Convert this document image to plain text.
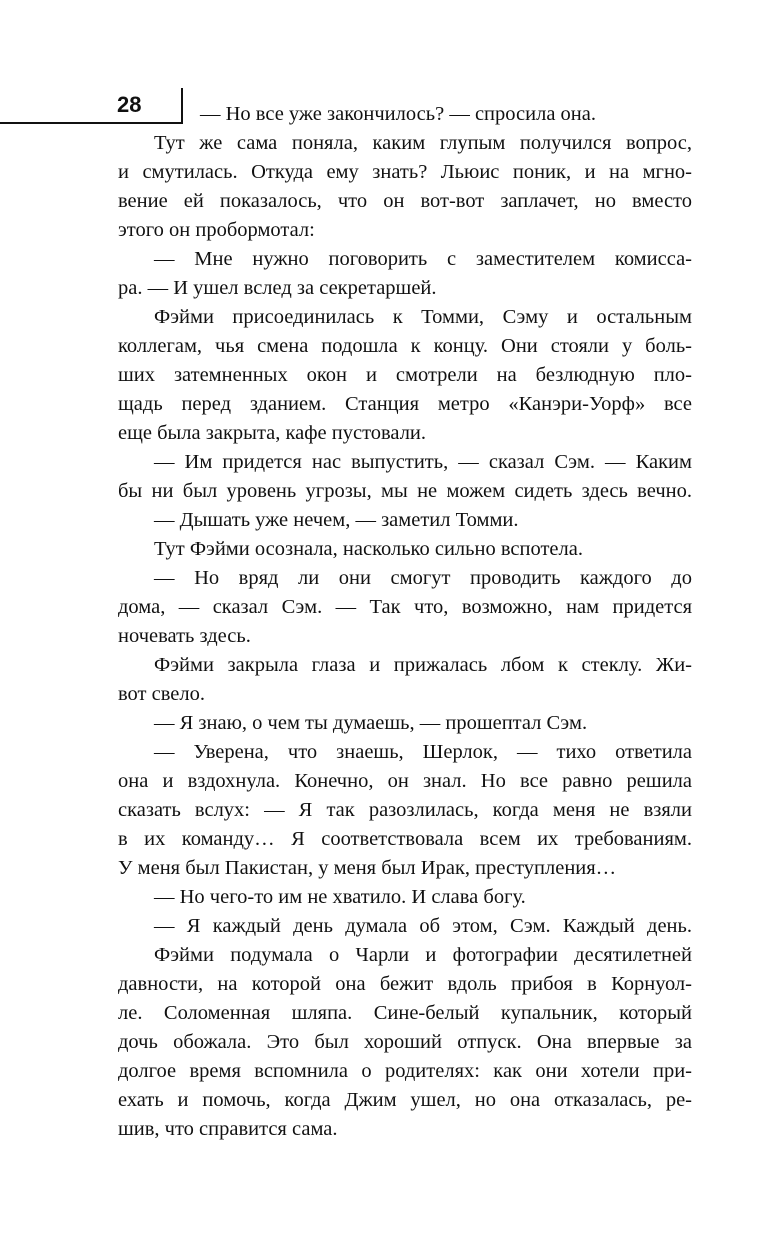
28	— Но все уже закончилось? — спросила она.
Тут же сама поняла, каким глупым получился вопрос,
и смутилась. Откуда ему знать? Льюис поник, и на мгно-
вение ей показалось, что он вот-вот заплачет, но вместо
этого он пробормотал:
— Мне нужно поговорить с заместителем комисса-
ра. — И ушел вслед за секретаршей.
Фэйми присоединилась к Томми, Сэму и остальным
коллегам, чья смена подошла к концу. Они стояли у боль-
ших затемненных окон и смотрели на безлюдную пло-
щадь перед зданием. Станция метро «Канэри-Уорф» все
еще была закрыта, кафе пустовали.
— Им придется нас выпустить, — сказал Сэм. — Каким
бы ни был уровень угрозы, мы не можем сидеть здесь вечно.
— Дышать уже нечем, — заметил Томми.
Тут Фэйми осознала, насколько сильно вспотела.
— Но вряд ли они смогут проводить каждого до
дома, — сказал Сэм. — Так что, возможно, нам придется
ночевать здесь.
Фэйми закрыла глаза и прижалась лбом к стеклу. Жи-
вот свело.
— Я знаю, о чем ты думаешь, — прошептал Сэм.
— Уверена, что знаешь, Шерлок, — тихо ответила
она и вздохнула. Конечно, он знал. Но все равно решила
сказать вслух: — Я так разозлилась, когда меня не взяли
в их команду… Я соответствовала всем их требованиям.
У меня был Пакистан, у меня был Ирак, преступления…
— Но чего-то им не хватило. И слава богу.
— Я каждый день думала об этом, Сэм. Каждый день.
Фэйми подумала о Чарли и фотографии десятилетней
давности, на которой она бежит вдоль прибоя в Корнуол-
ле. Соломенная шляпа. Сине-белый купальник, который
дочь обожала. Это был хороший отпуск. Она впервые за
долгое время вспомнила о родителях: как они хотели при-
ехать и помочь, когда Джим ушел, но она отказалась, ре-
шив, что справится сама.
